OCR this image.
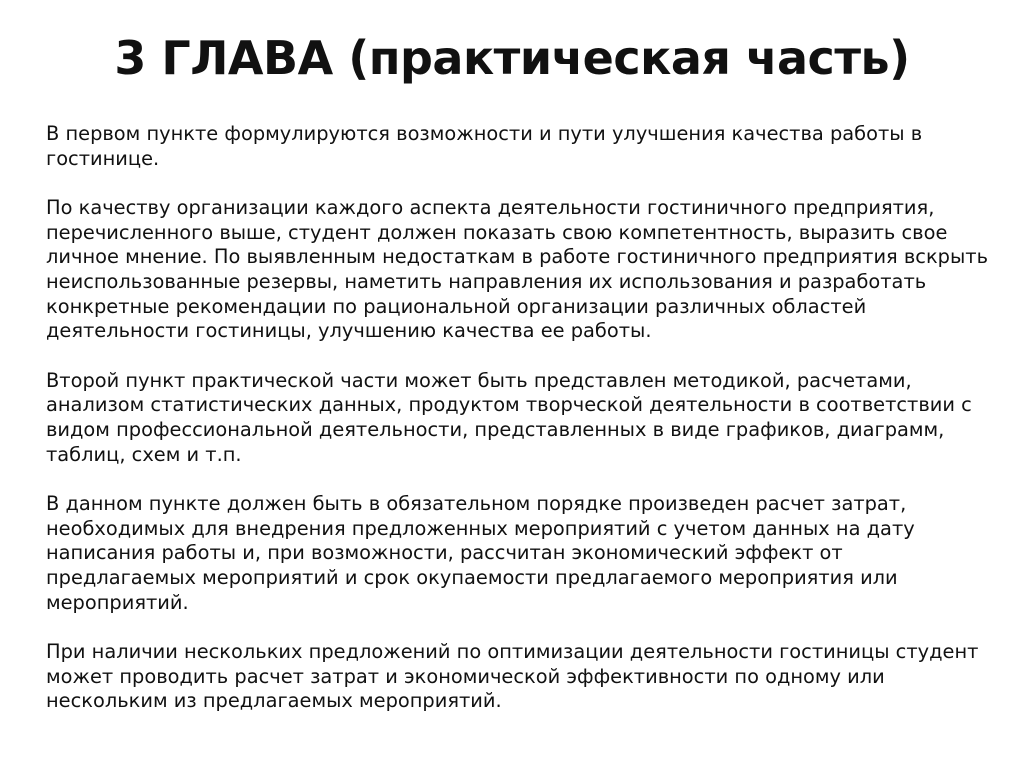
3 ГЛАВА (практическая часть)

В первом пункте формулируются возможности и пути улучшения качества работы в гостинице.

По качеству организации каждого аспекта деятельности гостиничного предприятия, перечисленного выше, студент должен показать свою компетентность, выразить свое личное мнение. По выявленным недостаткам в работе гостиничного предприятия вскрыть неиспользованные резервы, наметить направления их использования и разработать конкретные рекомендации по рациональной организации различных областей деятельности гостиницы, улучшению качества ее работы.

Второй пункт практической части может быть представлен методикой, расчетами, анализом статистических данных, продуктом творческой деятельности в соответствии с видом профессиональной деятельности, представленных в виде графиков, диаграмм, таблиц, схем и т.п.

В данном пункте должен быть в обязательном порядке произведен расчет затрат, необходимых для внедрения предложенных мероприятий с учетом данных на дату написания работы и, при возможности, рассчитан экономический эффект от предлагаемых мероприятий и срок окупаемости предлагаемого мероприятия или мероприятий.

При наличии нескольких предложений по оптимизации деятельности гостиницы студент может проводить расчет затрат и экономической эффективности по одному или нескольким из предлагаемых мероприятий.
